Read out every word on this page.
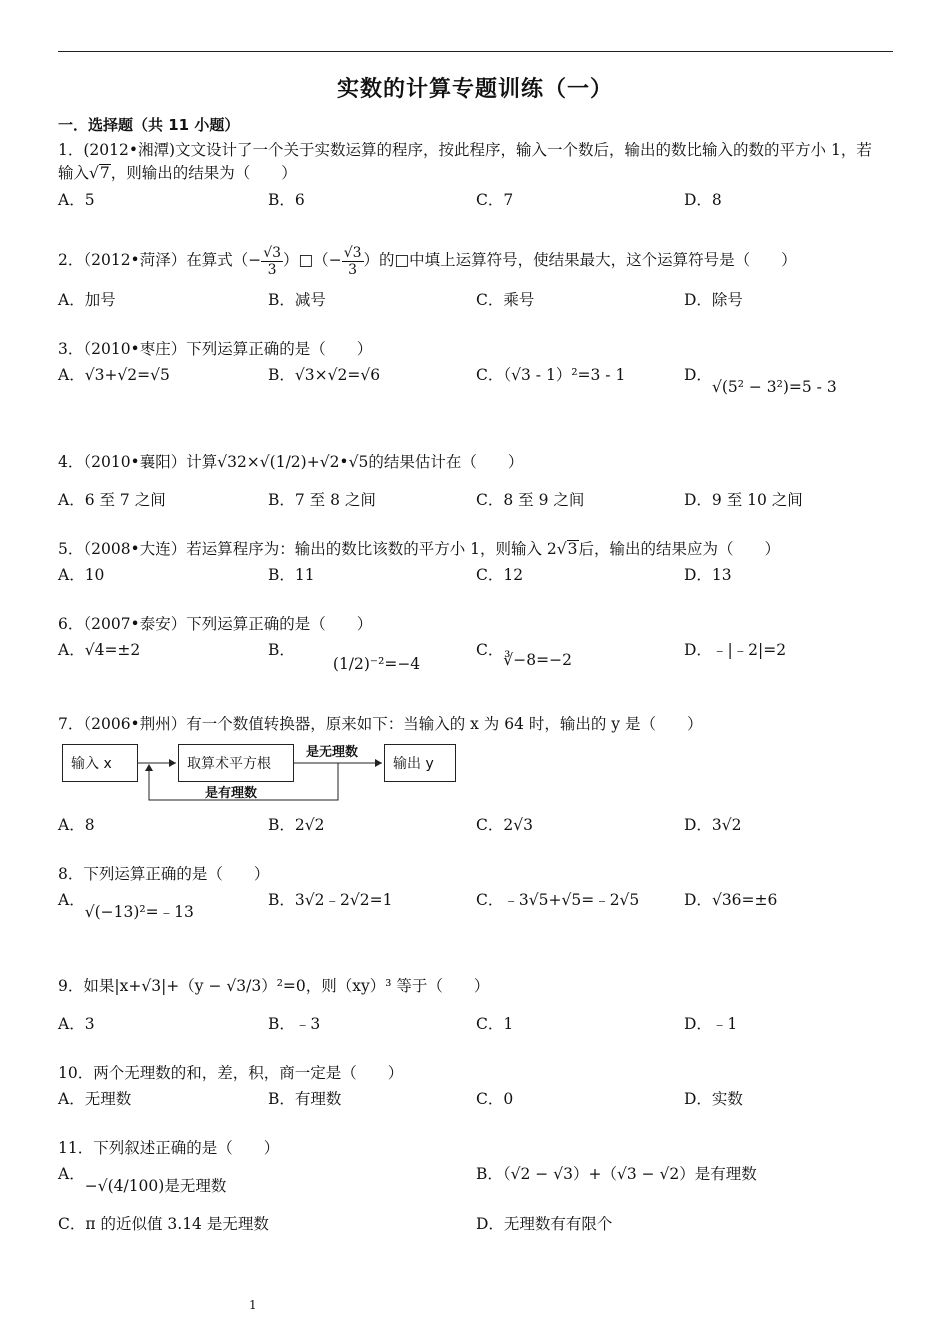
实数的计算专题训练（一）
一．选择题（共 11 小题）
1．(2012•湘潭)文文设计了一个关于实数运算的程序，按此程序，输入一个数后，输出的数比输入的数的平方小 1，若
输入√7，则输出的结果为（　　）
A．5	B．6	C．7	D．8
2．（2012•菏泽）在算式（− $\frac{√3}{3}$ ）□（− $\frac{√3}{3}$ ）的□中填上运算符号，使结果最大，这个运算符号是（　　）
A．加号	B．减号	C．乘号	D．除号
3．（2010•枣庄）下列运算正确的是（　　）
A．√3+√2=√5	B．√3×√2=√6	C．（√3 - 1）²=3 - 1	D．√(5² − 3²)=5 - 3
4．（2010•襄阳）计算√32×√(1/2)+√2•√5的结果估计在（　　）
A．6 至 7 之间	B．7 至 8 之间	C．8 至 9 之间	D．9 至 10 之间
5．（2008•大连）若运算程序为：输出的数比该数的平方小 1，则输入 2√3后，输出的结果应为（　　）
A．10	B．11	C．12	D．13
6．（2007•泰安）下列运算正确的是（　　）
A．√4=±2	B．(1/2)⁻²=−4
C．∛−8=−2
D．﹣|﹣2|=2
7．（2006•荆州）有一个数值转换器，原来如下：当输入的 x 为 64 时，输出的 y 是（　　）
输入 x	取算术平方根	输出 y
是无理数
是有理数
A．8	B．2√2	C．2√3	D．3√2
8．下列运算正确的是（　　）
A．√(−13)²=﹣13
B．3√2﹣2√2=1	C．﹣3√5+√5=﹣2√5	D．√36=±6
9．如果|x+√3|+（y − √3/3）²=0，则（xy）³ 等于（　　）
A．3	B．﹣3	C．1	D．﹣1
10．两个无理数的和，差，积，商一定是（　　）
A．无理数	B．有理数	C．0	D．实数
11．下列叙述正确的是（　　）
A．−√(4/100)是无理数
B．（√2 − √3）+（√3 − √2）是有理数
C．π 的近似值 3.14 是无理数	D．无理数有有限个
1
